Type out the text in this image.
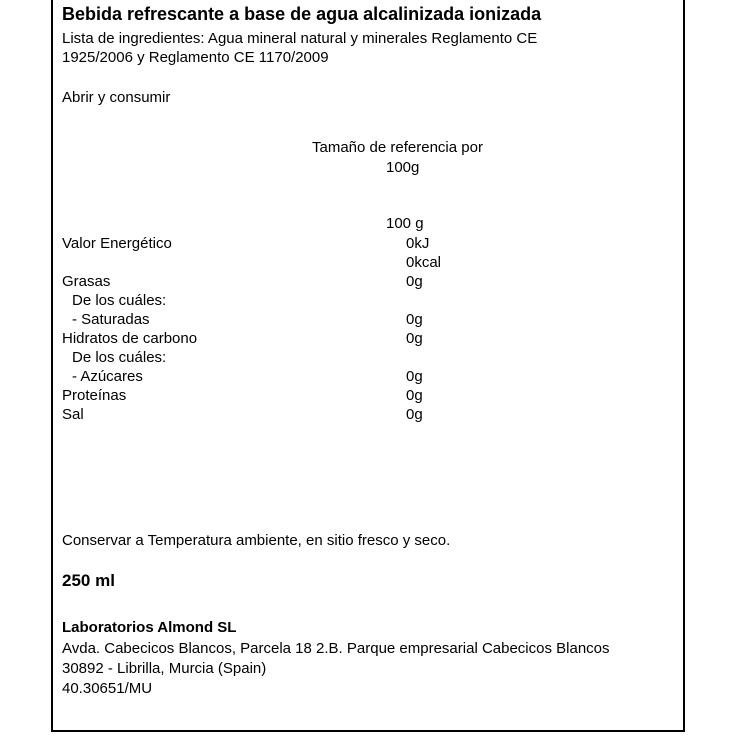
Bebida refrescante a base de agua alcalinizada ionizada
Lista de ingredientes: Agua mineral natural y minerales Reglamento CE
1925/2006 y Reglamento CE 1170/2009
Abrir y consumir
Tamaño de referencia por
100g
100 g
Valor Energético	0kJ
0kcal
Grasas	0g
De los cuáles:
- Saturadas	0g
Hidratos de carbono	0g
De los cuáles:
- Azúcares	0g
Proteínas	0g
Sal	0g
Conservar a Temperatura ambiente, en sitio fresco y seco.
250 ml
Laboratorios Almond SL
Avda. Cabecicos Blancos, Parcela 18 2.B. Parque empresarial Cabecicos Blancos
30892 - Librilla, Murcia (Spain)
40.30651/MU
